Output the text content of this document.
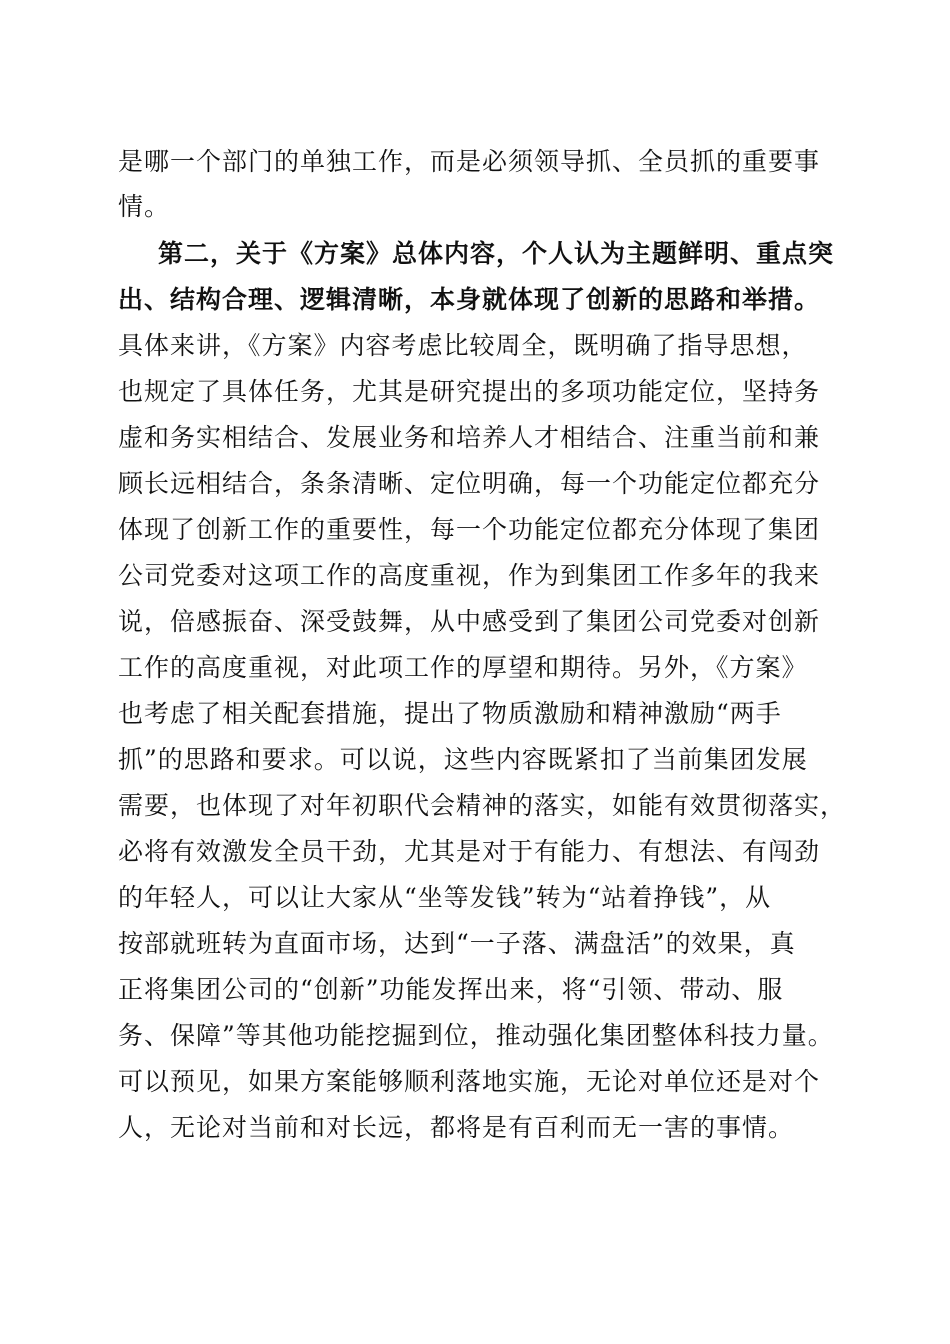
是哪一个部门的单独工作，而是必须领导抓、全员抓的重要事
情。
第二，关于《方案》总体内容，个人认为主题鲜明、重点突
出、结构合理、逻辑清晰，本身就体现了创新的思路和举措。
具体来讲，《方案》内容考虑比较周全，既明确了指导思想，
也规定了具体任务，尤其是研究提出的多项功能定位，坚持务
虚和务实相结合、发展业务和培养人才相结合、注重当前和兼
顾长远相结合，条条清晰、定位明确，每一个功能定位都充分
体现了创新工作的重要性，每一个功能定位都充分体现了集团
公司党委对这项工作的高度重视，作为到集团工作多年的我来
说，倍感振奋、深受鼓舞，从中感受到了集团公司党委对创新
工作的高度重视，对此项工作的厚望和期待。另外，《方案》
也考虑了相关配套措施，提出了物质激励和精神激励“两手
抓”的思路和要求。可以说，这些内容既紧扣了当前集团发展
需要，也体现了对年初职代会精神的落实，如能有效贯彻落实，
必将有效激发全员干劲，尤其是对于有能力、有想法、有闯劲
的年轻人，可以让大家从“坐等发钱”转为“站着挣钱”，从
按部就班转为直面市场，达到“一子落、满盘活”的效果，真
正将集团公司的“创新”功能发挥出来，将“引领、带动、服
务、保障”等其他功能挖掘到位，推动强化集团整体科技力量。
可以预见，如果方案能够顺利落地实施，无论对单位还是对个
人，无论对当前和对长远，都将是有百利而无一害的事情。
